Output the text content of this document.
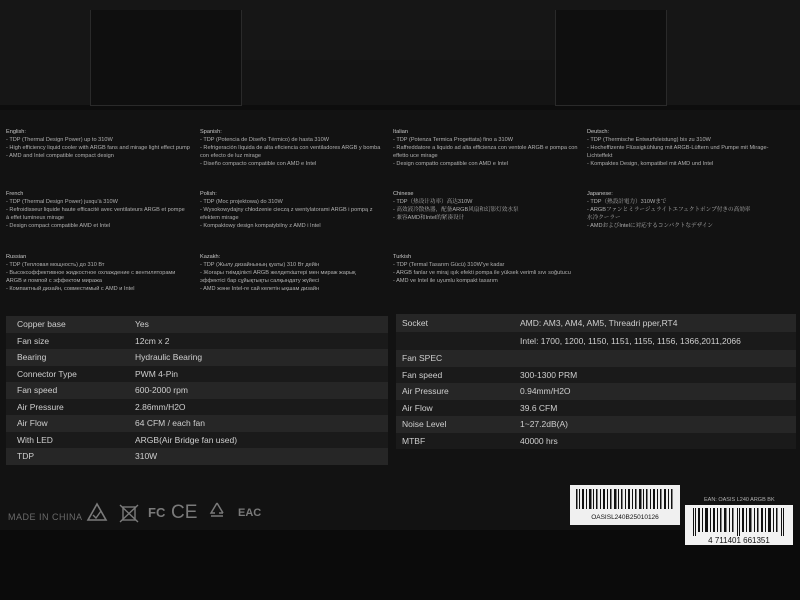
English:
- TDP (Thermal Design Power) up to 310W
- High efficiency liquid cooler with ARGB fans and mirage light effect pump
- AMD and Intel compatible compact design
Spanish:
- TDP (Potencia de Diseño Térmico) de hasta 310W
- Refrigeración líquida de alta eficiencia con ventiladores ARGB y bomba
con efecto de luz mirage
- Diseño compacto compatible con AMD e Intel
Italian
- TDP (Potenza Termica Progettata) fino a 310W
- Raffreddatore a liquido ad alta efficienza con ventole ARGB e pompa con
effetto uce mirage
- Design compatto compatible con AMD e Intel
Deutsch:
- TDP (Thermische Entwurfsleistung) bis zu 310W
- Hocheffizente Flüssigkühlung mit ARGB-Lüftern und Pumpe mit Mirage-
Lichteffekt
- Kompaktes Design, kompatibel mit AMD und Intel
French
- TDP (Thermal Design Power) jusqu'à 310W
- Refroidisseur liquide haute efficacité avec ventilateurs ARGB et pompe
à effet lumineux mirage
- Design compact compatible AMD et Intel
Polish:
- TDP (Moc projektowa) do 310W
- Wysokowydajny chłodzenie cieczą z wentylatorami ARGB i pompą z
efektem mirage
- Kompaktowy design kompatybilny z AMD i Intel
Chinese
- TDP（热设计功率）高达310W
- 高效液冷散热器，配备ARGB风扇和幻影灯效水泵
- 兼容AMD和Intel的紧凑设计
Japanese:
- TDP（熱設計電力）310Wまで
- ARGBファンとミラージュライトエフェクトポンプ付きの高効率
水冷クーラー
- AMDおよびIntelに対応するコンパクトなデザイン
Russian
- TDP (Тепловая мощность) до 310 Вт
- Высокоэффективное жидкостное охлаждение с вентиляторами
ARGB и помпой с эффектом миража
- Компактный дизайн, совместимый с AMD и Intel
Kazakh:
- TDP (Жылу дизайнының қуаты) 310 Вт дейін
- Жоғары тиімділікті ARGB желдеткіштері мен мираж жарық
эффектісі бар сұйықтықты салқындату жүйесі
- AMD және Intel-ге сай келетін ықшам дизайн
Turkish
- TDP (Termal Tasarım Gücü) 310W'ye kadar
- ARGB fanlar ve miraj ışık efekti pompa ile yüksek verimli sıvı soğutucu
- AMD ve Intel ile uyumlu kompakt tasarım
Copper base	Yes
Fan size	12cm x 2
Bearing	Hydraulic Bearing
Connector Type	PWM 4-Pin
Fan speed	600-2000 rpm
Air Pressure	2.86mm/H2O
Air Flow	64 CFM / each fan
With LED	ARGB(Air Bridge fan used)
TDP	310W
Socket	AMD: AM3, AM4, AM5, Threadri pper,RT4
	Intel: 1700, 1200, 1150, 1151, 1155, 1156, 1366,2011,2066
Fan SPEC	
Fan speed	300-1300 PRM
Air Pressure	0.94mm/H2O
Air Flow	39.6 CFM
Noise Level	1~27.2dB(A)
MTBF	40000 hrs
MADE IN CHINA	FC CE	EAC	OASISL240B25010126
EAN: OASIS L240 ARGB BK
4 711401 661351
